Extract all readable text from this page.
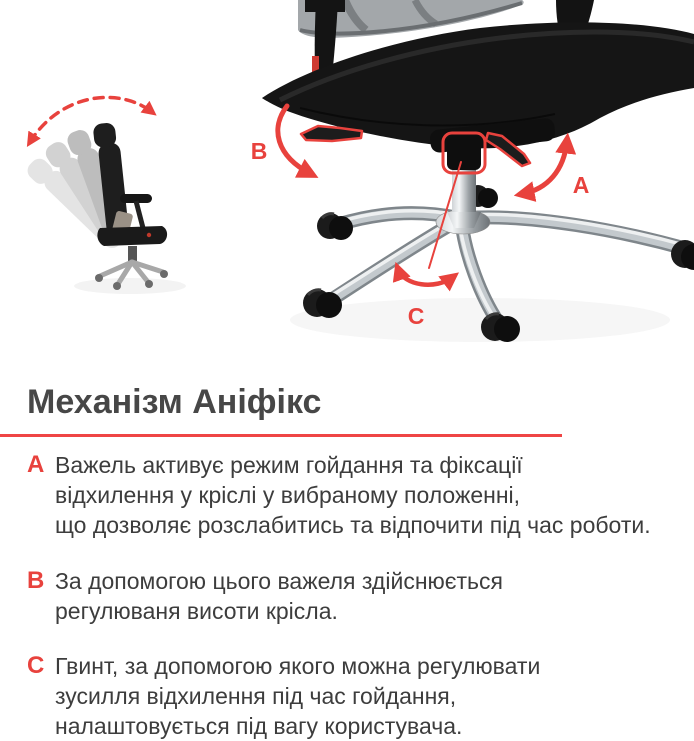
A
B
C
Механізм Аніфікс
A Важель активує режим гойдання та фіксації
відхилення у кріслі у вибраному положенні,
що дозволяє розслабитись та відпочити під час роботи.

B За допомогою цього важеля здійснюється
регулюваня висоти крісла.

C Гвинт, за допомогою якого можна регулювати
зусилля відхилення під час гойдання,
налаштовується під вагу користувача.
